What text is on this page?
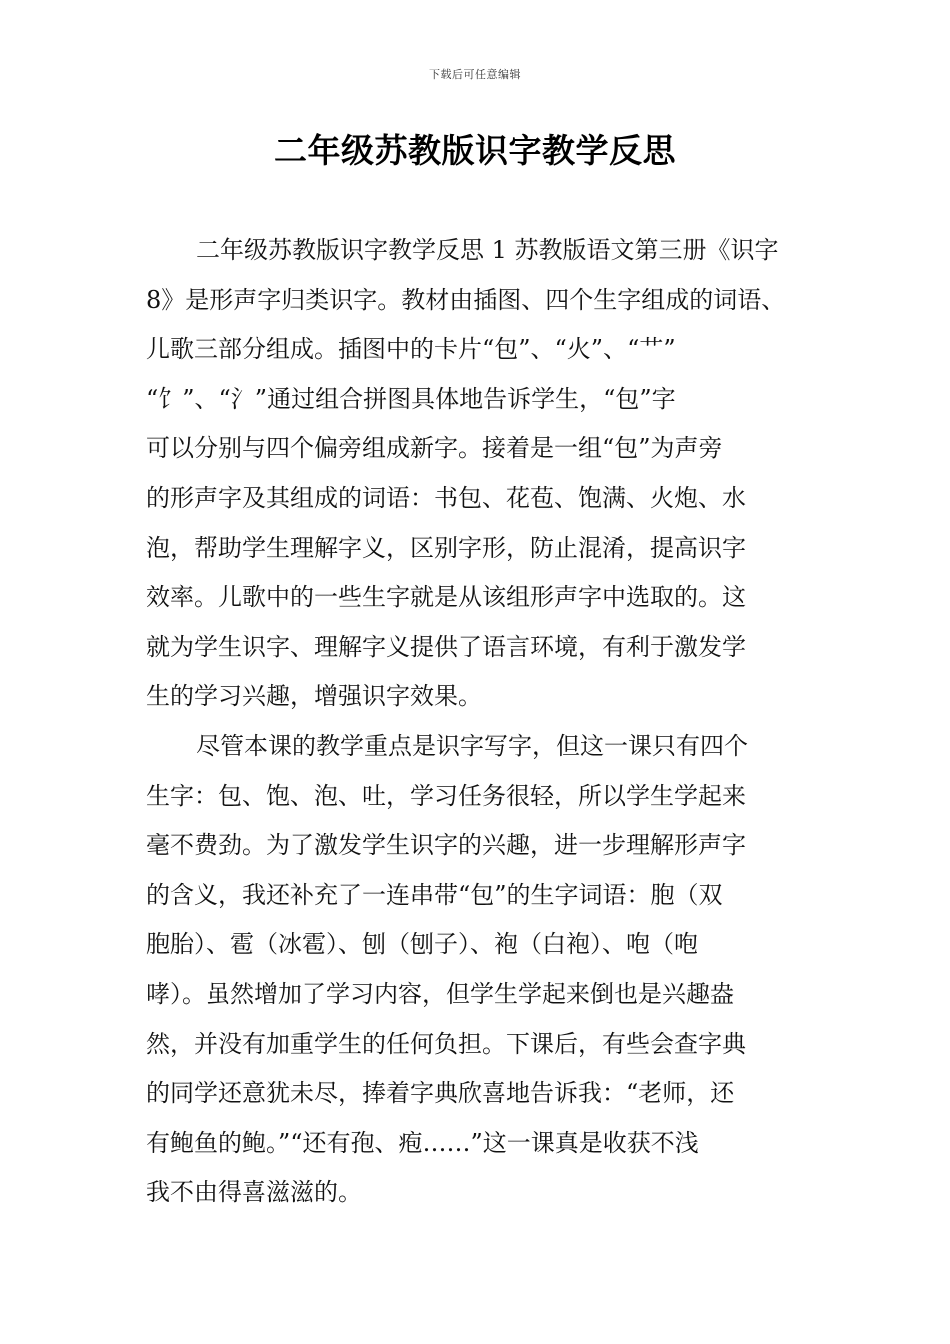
下载后可任意编辑
二年级苏教版识字教学反思
二年级苏教版识字教学反思 1 苏教版语文第三册《识字
8》是形声字归类识字。教材由插图、四个生字组成的词语、
儿歌三部分组成。插图中的卡片“包”、“火”、“艹”
“饣”、“氵”通过组合拼图具体地告诉学生，“包”字
可以分别与四个偏旁组成新字。接着是一组“包”为声旁
的形声字及其组成的词语：书包、花苞、饱满、火炮、水
泡，帮助学生理解字义，区别字形，防止混淆，提高识字
效率。儿歌中的一些生字就是从该组形声字中选取的。这
就为学生识字、理解字义提供了语言环境，有利于激发学
生的学习兴趣，增强识字效果。
尽管本课的教学重点是识字写字，但这一课只有四个
生字：包、饱、泡、吐，学习任务很轻，所以学生学起来
毫不费劲。为了激发学生识字的兴趣，进一步理解形声字
的含义，我还补充了一连串带“包”的生字词语：胞（双
胞胎）、雹（冰雹）、刨（刨子）、袍（白袍）、咆（咆
哮）。虽然增加了学习内容，但学生学起来倒也是兴趣盎
然，并没有加重学生的任何负担。下课后，有些会查字典
的同学还意犹未尽，捧着字典欣喜地告诉我：“老师，还
有鲍鱼的鲍。”“还有孢、疱……”这一课真是收获不浅
我不由得喜滋滋的。
